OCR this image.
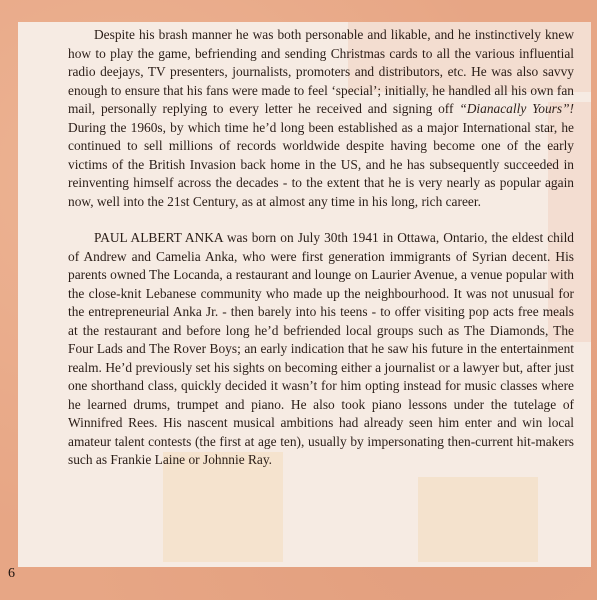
Despite his brash manner he was both personable and likable, and he instinctively knew how to play the game, befriending and sending Christmas cards to all the various influential radio deejays, TV presenters, journalists, promoters and distributors, etc. He was also savvy enough to ensure that his fans were made to feel ‘special’; initially, he handled all his own fan mail, personally replying to every letter he received and signing off “Dianacally Yours”! During the 1960s, by which time he’d long been established as a major International star, he continued to sell millions of records worldwide despite having become one of the early victims of the British Invasion back home in the US, and he has subsequently succeeded in reinventing himself across the decades - to the extent that he is very nearly as popular again now, well into the 21st Century, as at almost any time in his long, rich career.

PAUL ALBERT ANKA was born on July 30th 1941 in Ottawa, Ontario, the eldest child of Andrew and Camelia Anka, who were first generation immigrants of Syrian decent. His parents owned The Locanda, a restaurant and lounge on Laurier Avenue, a venue popular with the close-knit Lebanese community who made up the neighbourhood. It was not unusual for the entrepreneurial Anka Jr. - then barely into his teens - to offer visiting pop acts free meals at the restaurant and before long he’d befriended local groups such as The Diamonds, The Four Lads and The Rover Boys; an early indication that he saw his future in the entertainment realm. He’d previously set his sights on becoming either a journalist or a lawyer but, after just one shorthand class, quickly decided it wasn’t for him opting instead for music classes where he learned drums, trumpet and piano. He also took piano lessons under the tutelage of Winnifred Rees. His nascent musical ambitions had already seen him enter and win local amateur talent contests (the first at age ten), usually by impersonating then-current hit-makers such as Frankie Laine or Johnnie Ray.

6
